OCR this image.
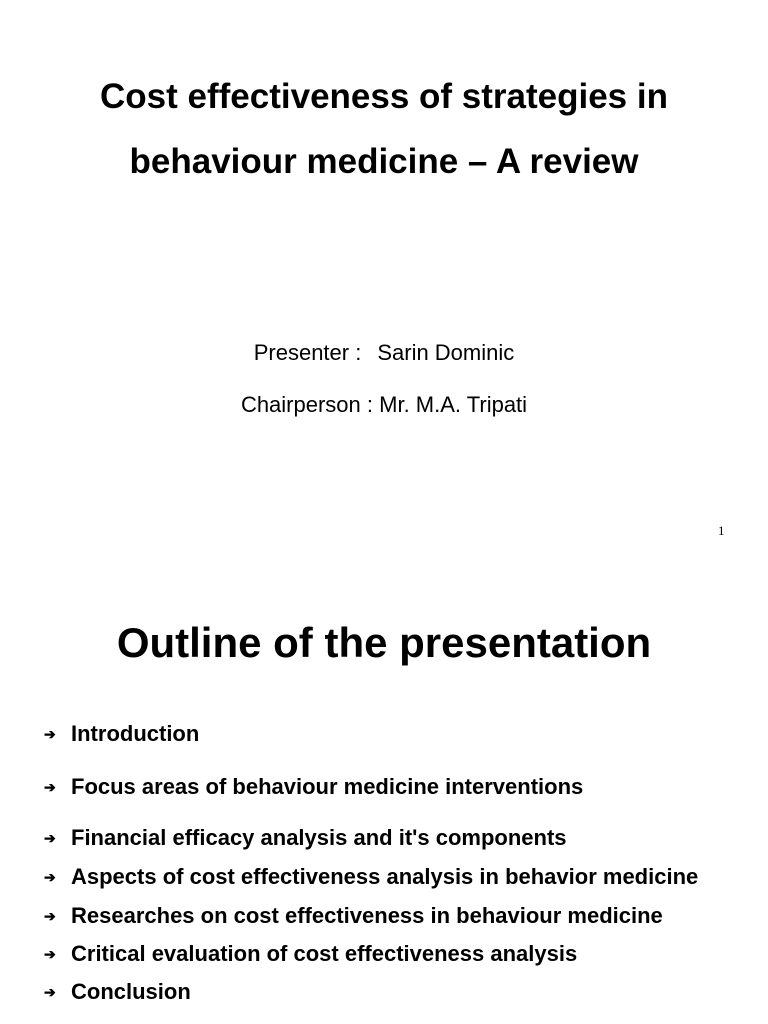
Cost effectiveness of strategies in
behaviour medicine – A review
Presenter : Sarin Dominic
Chairperson : Mr. M.A. Tripati
1
Outline of the presentation
➔ Introduction
➔ Focus areas of behaviour medicine interventions
➔ Financial efficacy analysis and it's components
➔ Aspects of cost effectiveness analysis in behavior medicine
➔ Researches on cost effectiveness in behaviour medicine
➔ Critical evaluation of cost effectiveness analysis
➔ Conclusion
